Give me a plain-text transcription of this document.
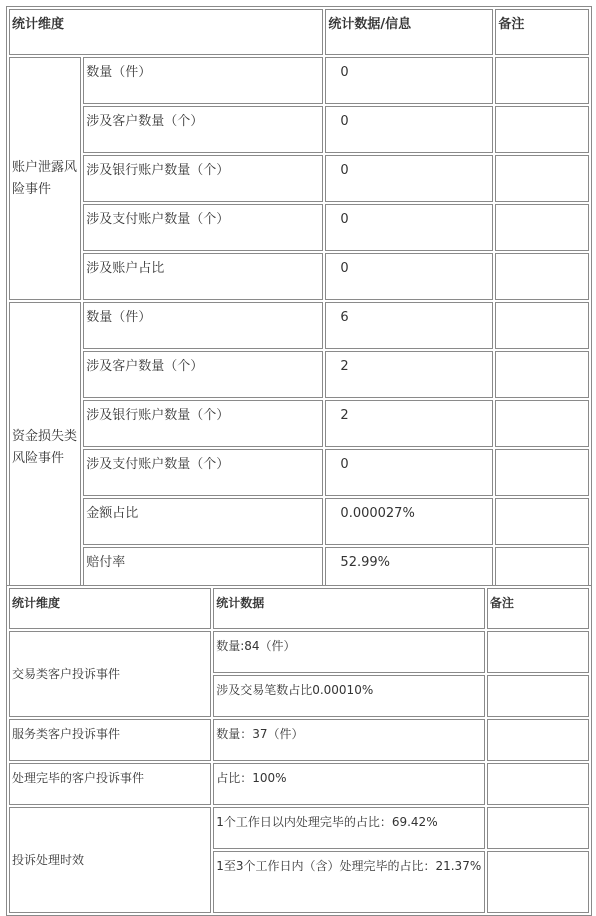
统计维度		统计数据/信息	备注
账户泄露风险事件	数量（件）	0	
	涉及客户数量（个）	0	
	涉及银行账户数量（个）	0	
	涉及支付账户数量（个）	0	
	涉及账户占比	0	
资金损失类风险事件	数量（件）	6	
	涉及客户数量（个）	2	
	涉及银行账户数量（个）	2	
	涉及支付账户数量（个）	0	
	金额占比	0.000027%	
	赔付率	52.99%	
统计维度	统计数据	备注
交易类客户投诉事件	数量:84（件）	
	涉及交易笔数占比0.00010%	
服务类客户投诉事件	数量：37（件）	
处理完毕的客户投诉事件	占比：100%	
投诉处理时效	1个工作日以内处理完毕的占比：69.42%	
	1至3个工作日内（含）处理完毕的占比：21.37%	
